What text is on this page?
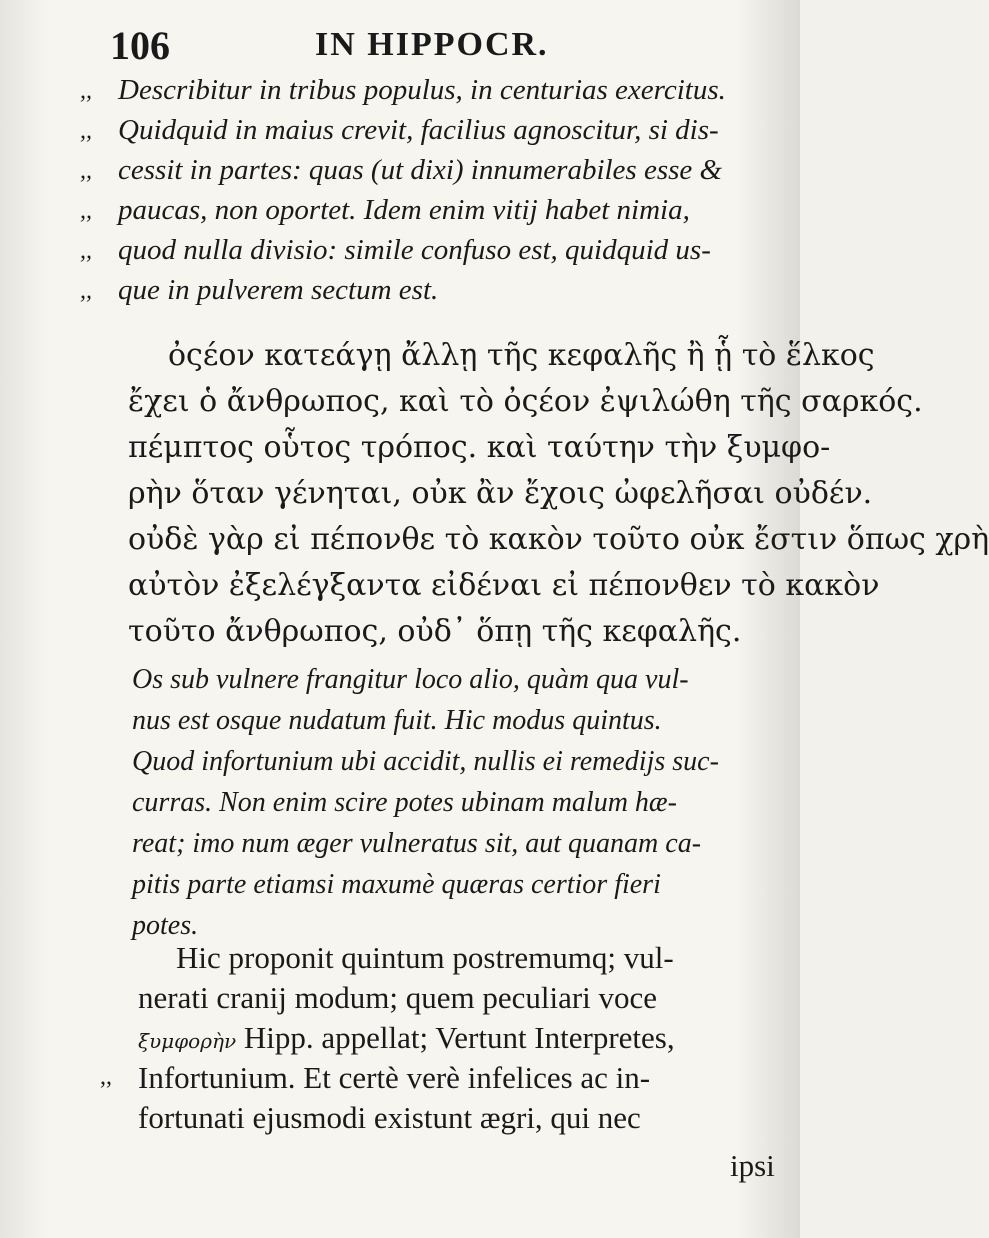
106	IN HIPPOCR.
,, Describitur in tribus populus, in centurias exercitus.
,, Quidquid in maius crevit, facilius agnoscitur, si dis-
,, cessit in partes: quas (ut dixi) innumerabiles esse &
,, paucas, non oportet. Idem enim vitij habet nimia,
,, quod nulla divisio: simile confuso est, quidquid us-
,, que in pulverem sectum est.
ὀςέον κατεάγῃ ἄλλῃ τῆς κεφαλῆς ἢ ᾗ τὸ ἕλκος
ἔχει ὁ ἄνθρωπος, καὶ τὸ ὀςέον ἐψιλώθη τῆς σαρκός.
πέμπτος οὗτος τρόπος. καὶ ταύτην τὴν ξυμφο-
ρὴν ὅταν γένηται, οὐκ ἂν ἔχοις ὠφελῆσαι οὐδέν.
οὐδὲ γὰρ εἰ πέπονθε τὸ κακὸν τοῦτο οὐκ ἔστιν ὅπως χρὴ
αὐτὸν ἐξελέγξαντα εἰδέναι εἰ πέπονθεν τὸ κακὸν
τοῦτο ἄνθρωπος, οὐδ᾽ ὅπῃ τῆς κεφαλῆς.
Os sub vulnere frangitur loco alio, quàm qua vul-
nus est osque nudatum fuit. Hic modus quintus.
Quod infortunium ubi accidit, nullis ei remedijs suc-
curras. Non enim scire potes ubinam malum hæ-
reat; imo num æger vulneratus sit, aut quanam ca-
pitis parte etiamsi maxumè quæras certior fieri
potes.
Hic proponit quintum postremumq; vul-
nerati cranij modum; quem peculiari voce
ξυμφορὴν Hipp. appellat; Vertunt Interpretes,
,, Infortunium. Et certè verè infelices ac in-
fortunati ejusmodi existunt ægri, qui nec
ipsi
